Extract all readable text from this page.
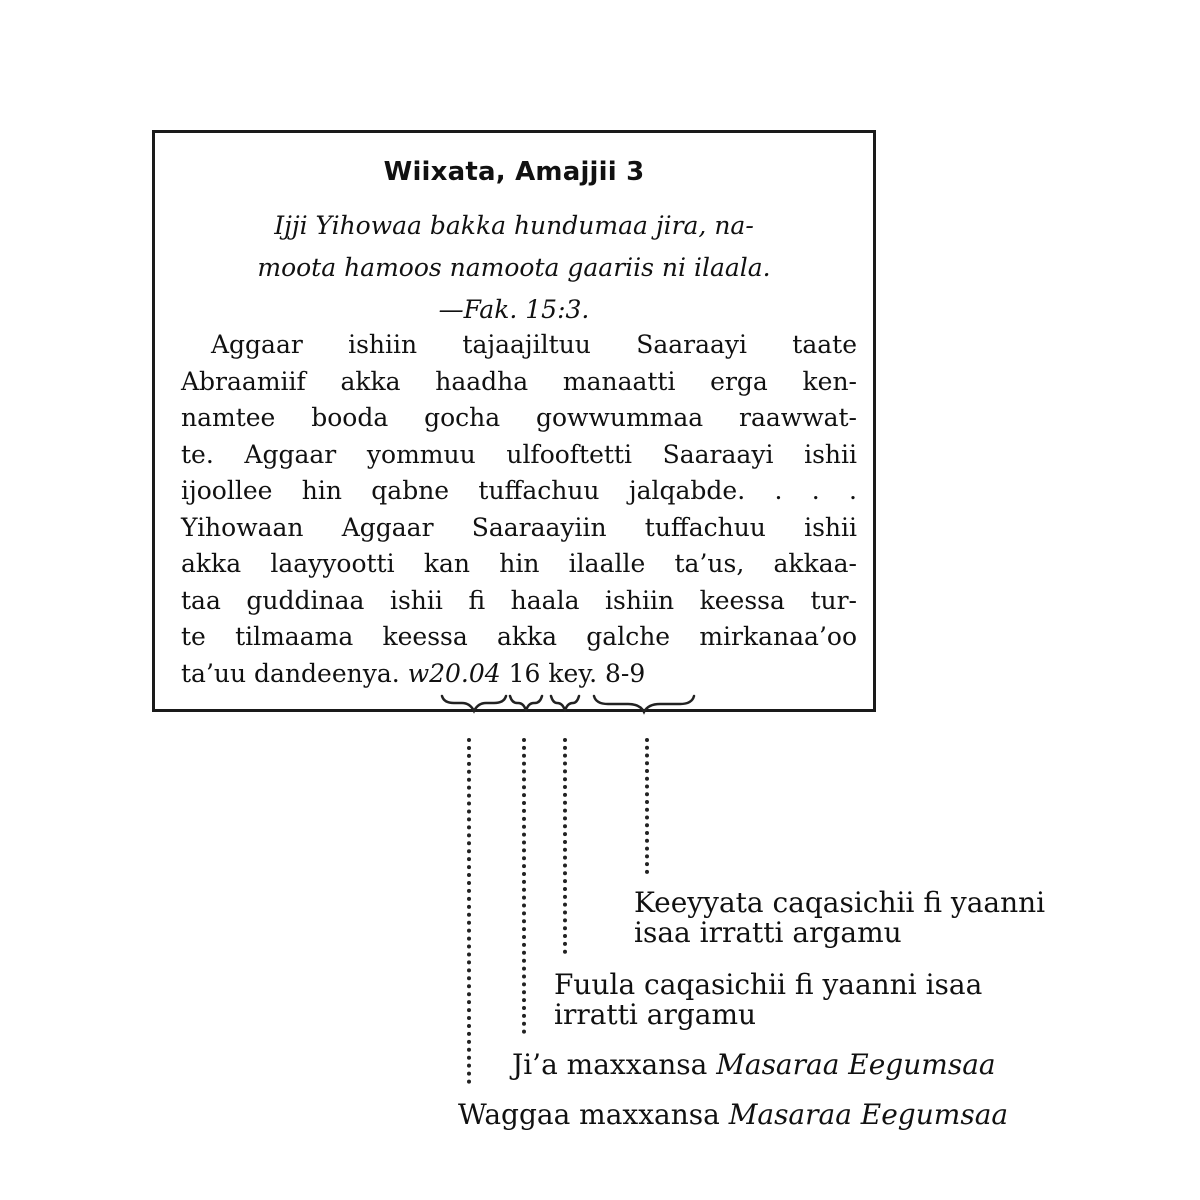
Wiixata, Amajjii 3
Ijji Yihowaa bakka hundumaa jira, na-
moota hamoos namoota gaariis ni ilaala.
—Fak. 15:3.
Aggaar ishiin tajaajiltuu Saaraayi taate
Abraamiif akka haadha manaatti erga ken-
namtee booda gocha gowwummaa raawwat-
te. Aggaar yommuu ulfooftetti Saaraayi ishii
ijoollee hin qabne tuffachuu jalqabde. . . .
Yihowaan Aggaar Saaraayiin tuffachuu ishii
akka laayyootti kan hin ilaalle ta’us, akkaa-
taa guddinaa ishii fi haala ishiin keessa tur-
te tilmaama keessa akka galche mirkanaa’oo
ta’uu dandeenya. w20.04 16 key. 8-9
Keeyyata caqasichii fi yaanni
isaa irratti argamu
Fuula caqasichii fi yaanni isaa
irratti argamu
Ji’a maxxansa Masaraa Eegumsaa
Waggaa maxxansa Masaraa Eegumsaa
